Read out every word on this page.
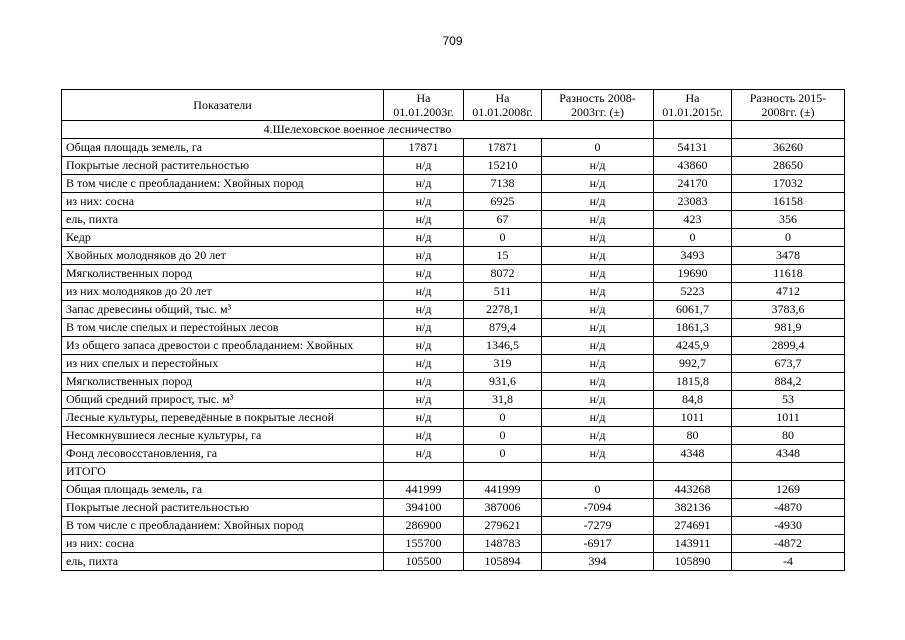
709
Показатели	На 01.01.2003г.	На 01.01.2008г.	Разность 2008-2003гг. (±)	На 01.01.2015г.	Разность 2015-2008гг. (±)
4.Шелеховское военное лесничество					
Общая площадь земель, га	17871	17871	0	54131	36260
Покрытые лесной растительностью	н/д	15210	н/д	43860	28650
В том числе с преобладанием: Хвойных пород	н/д	7138	н/д	24170	17032
из них: сосна	н/д	6925	н/д	23083	16158
ель, пихта	н/д	67	н/д	423	356
Кедр	н/д	0	н/д	0	0
Хвойных молодняков до 20 лет	н/д	15	н/д	3493	3478
Мягколиственных пород	н/д	8072	н/д	19690	11618
из них молодняков до 20 лет	н/д	511	н/д	5223	4712
Запас древесины общий, тыс. м³	н/д	2278,1	н/д	6061,7	3783,6
В том числе спелых и перестойных лесов	н/д	879,4	н/д	1861,3	981,9
Из общего запаса древостои с преобладанием: Хвойных	н/д	1346,5	н/д	4245,9	2899,4
из них спелых и перестойных	н/д	319	н/д	992,7	673,7
Мягколиственных пород	н/д	931,6	н/д	1815,8	884,2
Общий средний прирост, тыс. м³	н/д	31,8	н/д	84,8	53
Лесные культуры, переведённые в покрытые лесной	н/д	0	н/д	1011	1011
Несомкнувшиеся лесные культуры, га	н/д	0	н/д	80	80
Фонд лесовосстановления, га	н/д	0	н/д	4348	4348
ИТОГО					
Общая площадь земель, га	441999	441999	0	443268	1269
Покрытые лесной растительностью	394100	387006	-7094	382136	-4870
В том числе с преобладанием: Хвойных пород	286900	279621	-7279	274691	-4930
из них: сосна	155700	148783	-6917	143911	-4872
ель, пихта	105500	105894	394	105890	-4
